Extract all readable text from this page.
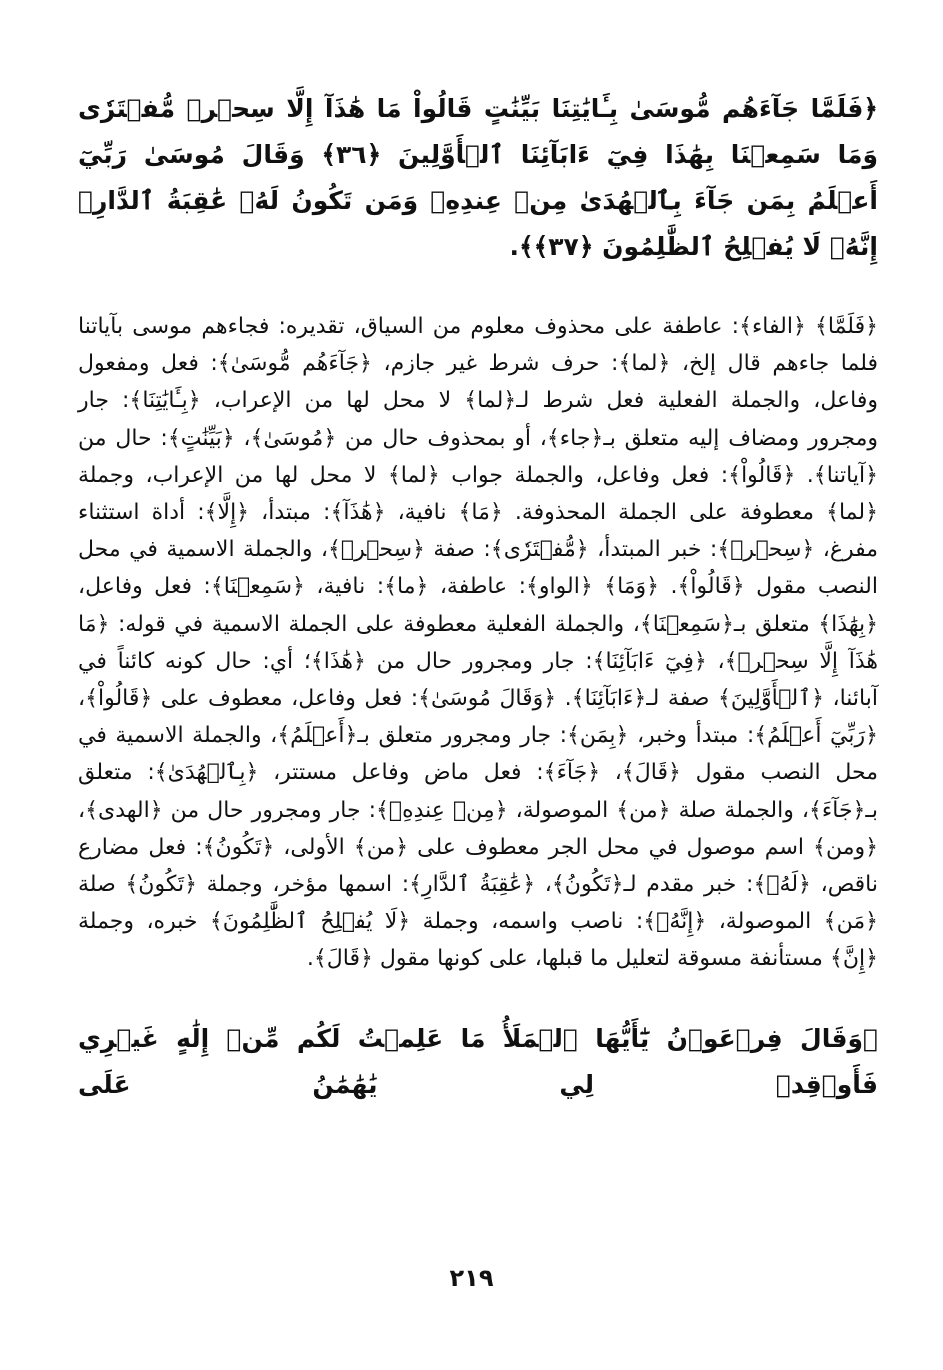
﴿فَلَمَّا جَآءَهُم مُّوسَىٰ بِـَٔايَٰتِنَا بَيِّنَٰتٍ قَالُواْ مَا هَٰذَآ إِلَّا سِحۡرٞ مُّفۡتَرٗى وَمَا سَمِعۡنَا بِهَٰذَا فِيٓ ءَابَآئِنَا ٱلۡأَوَّلِينَ ﴿٣٦﴾ وَقَالَ مُوسَىٰ رَبِّيٓ أَعۡلَمُ بِمَن جَآءَ بِٱلۡهُدَىٰ مِنۡ عِندِهِۦ وَمَن تَكُونُ لَهُۥ عَٰقِبَةُ ٱلدَّارِۚ إِنَّهُۥ لَا يُفۡلِحُ ٱلظَّٰلِمُونَ ﴿٣٧﴾﴾.

﴿فَلَمَّا﴾ ﴿الفاء﴾: عاطفة على محذوف معلوم من السياق، تقديره: فجاءهم موسى بآياتنا فلما جاءهم قال إلخ، ﴿لما﴾: حرف شرط غير جازم، ﴿جَآءَهُم مُّوسَىٰ﴾: فعل ومفعول وفاعل، والجملة الفعلية فعل شرط لـ﴿لما﴾ لا محل لها من الإعراب، ﴿بِـَٔايَٰتِنَا﴾: جار ومجرور ومضاف إليه متعلق بـ﴿جاء﴾، أو بمحذوف حال من ﴿مُوسَىٰ﴾، ﴿بَيِّنَٰتٍ﴾: حال من ﴿آياتنا﴾. ﴿قَالُواْ﴾: فعل وفاعل، والجملة جواب ﴿لما﴾ لا محل لها من الإعراب، وجملة ﴿لما﴾ معطوفة على الجملة المحذوفة. ﴿مَا﴾ نافية، ﴿هَٰذَآ﴾: مبتدأ، ﴿إِلَّا﴾: أداة استثناء مفرغ، ﴿سِحۡرٞ﴾: خبر المبتدأ، ﴿مُّفۡتَرٗى﴾: صفة ﴿سِحۡرٞ﴾، والجملة الاسمية في محل النصب مقول ﴿قَالُواْ﴾. ﴿وَمَا﴾ ﴿الواو﴾: عاطفة، ﴿ما﴾: نافية، ﴿سَمِعۡنَا﴾: فعل وفاعل، ﴿بِهَٰذَا﴾ متعلق بـ﴿سَمِعۡنَا﴾، والجملة الفعلية معطوفة على الجملة الاسمية في قوله: ﴿مَا هَٰذَآ إِلَّا سِحۡرٞ﴾، ﴿فِيٓ ءَابَآئِنَا﴾: جار ومجرور حال من ﴿هَٰذَا﴾؛ أي: حال كونه كائناً في آبائنا، ﴿ٱلۡأَوَّلِينَ﴾ صفة لـ﴿ءَابَآئِنَا﴾. ﴿وَقَالَ مُوسَىٰ﴾: فعل وفاعل، معطوف على ﴿قَالُواْ﴾، ﴿رَبِّيٓ أَعۡلَمُ﴾: مبتدأ وخبر، ﴿بِمَن﴾: جار ومجرور متعلق بـ﴿أَعۡلَمُ﴾، والجملة الاسمية في محل النصب مقول ﴿قَالَ﴾، ﴿جَآءَ﴾: فعل ماض وفاعل مستتر، ﴿بِٱلۡهُدَىٰ﴾: متعلق بـ﴿جَآءَ﴾، والجملة صلة ﴿من﴾ الموصولة، ﴿مِنۡ عِندِهِۦ﴾: جار ومجرور حال من ﴿الهدى﴾، ﴿ومن﴾ اسم موصول في محل الجر معطوف على ﴿من﴾ الأولى، ﴿تَكُونُ﴾: فعل مضارع ناقص، ﴿لَهُۥ﴾: خبر مقدم لـ﴿تَكُونُ﴾، ﴿عَٰقِبَةُ ٱلدَّارِ﴾: اسمها مؤخر، وجملة ﴿تَكُونُ﴾ صلة ﴿مَن﴾ الموصولة، ﴿إِنَّهُۥ﴾: ناصب واسمه، وجملة ﴿لَا يُفۡلِحُ ٱلظَّٰلِمُونَ﴾ خبره، وجملة ﴿إِنَّ﴾ مستأنفة مسوقة لتعليل ما قبلها، على كونها مقول ﴿قَالَ﴾.

﴿وَقَالَ فِرۡعَوۡنُ يَٰٓأَيُّهَا ٱلۡمَلَأُ مَا عَلِمۡتُ لَكُم مِّنۡ إِلَٰهٍ غَيۡرِي فَأَوۡقِدۡ لِي يَٰهَٰمَٰنُ عَلَى
٢١٩
